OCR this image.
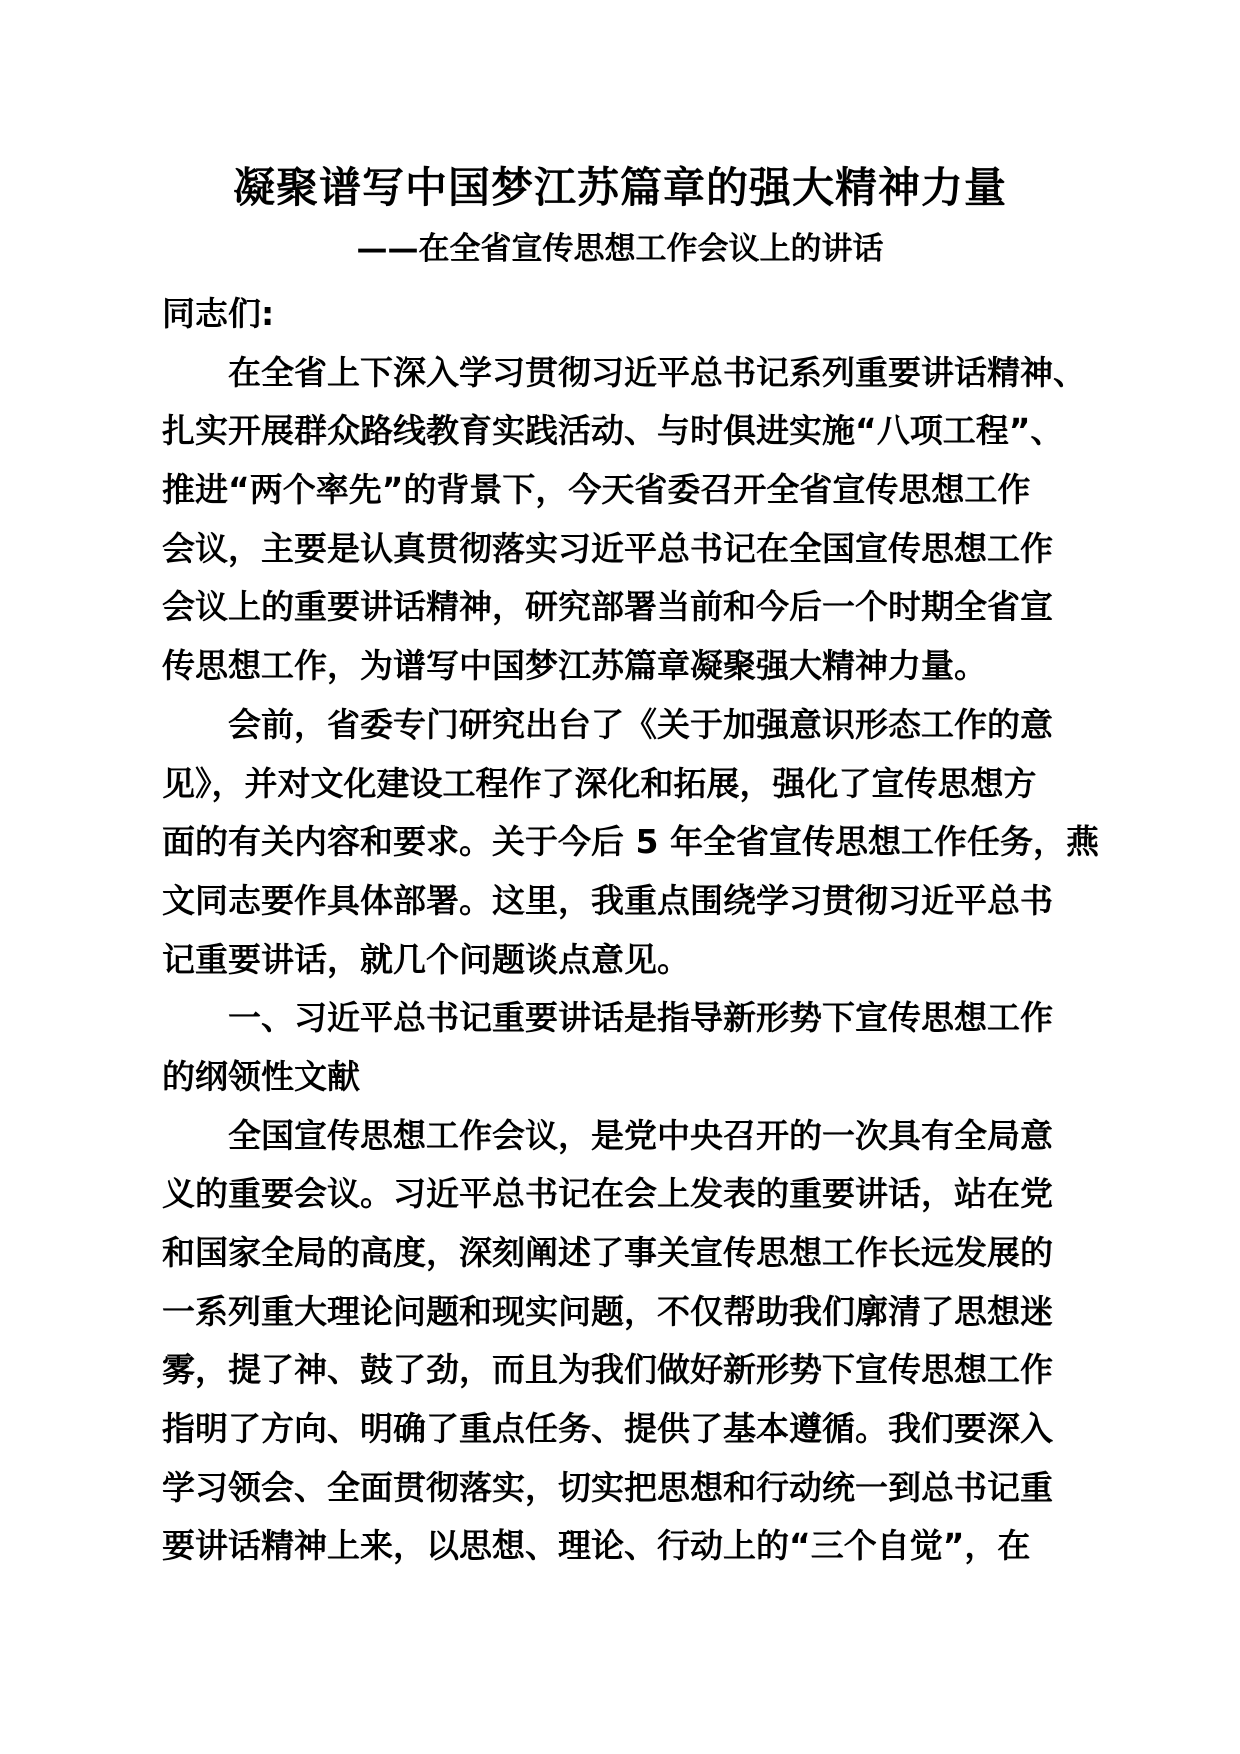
凝聚谱写中国梦江苏篇章的强大精神力量
——在全省宣传思想工作会议上的讲话
同志们:
在全省上下深入学习贯彻习近平总书记系列重要讲话精神、
扎实开展群众路线教育实践活动、与时俱进实施“八项工程”、
推进“两个率先”的背景下，今天省委召开全省宣传思想工作
会议，主要是认真贯彻落实习近平总书记在全国宣传思想工作
会议上的重要讲话精神，研究部署当前和今后一个时期全省宣
传思想工作，为谱写中国梦江苏篇章凝聚强大精神力量。
会前，省委专门研究出台了《关于加强意识形态工作的意
见》，并对文化建设工程作了深化和拓展，强化了宣传思想方
面的有关内容和要求。关于今后 5 年全省宣传思想工作任务，燕
文同志要作具体部署。这里，我重点围绕学习贯彻习近平总书
记重要讲话，就几个问题谈点意见。
一、习近平总书记重要讲话是指导新形势下宣传思想工作
的纲领性文献
全国宣传思想工作会议，是党中央召开的一次具有全局意
义的重要会议。习近平总书记在会上发表的重要讲话，站在党
和国家全局的高度，深刻阐述了事关宣传思想工作长远发展的
一系列重大理论问题和现实问题，不仅帮助我们廓清了思想迷
雾，提了神、鼓了劲，而且为我们做好新形势下宣传思想工作
指明了方向、明确了重点任务、提供了基本遵循。我们要深入
学习领会、全面贯彻落实，切实把思想和行动统一到总书记重
要讲话精神上来，以思想、理论、行动上的“三个自觉”，在
